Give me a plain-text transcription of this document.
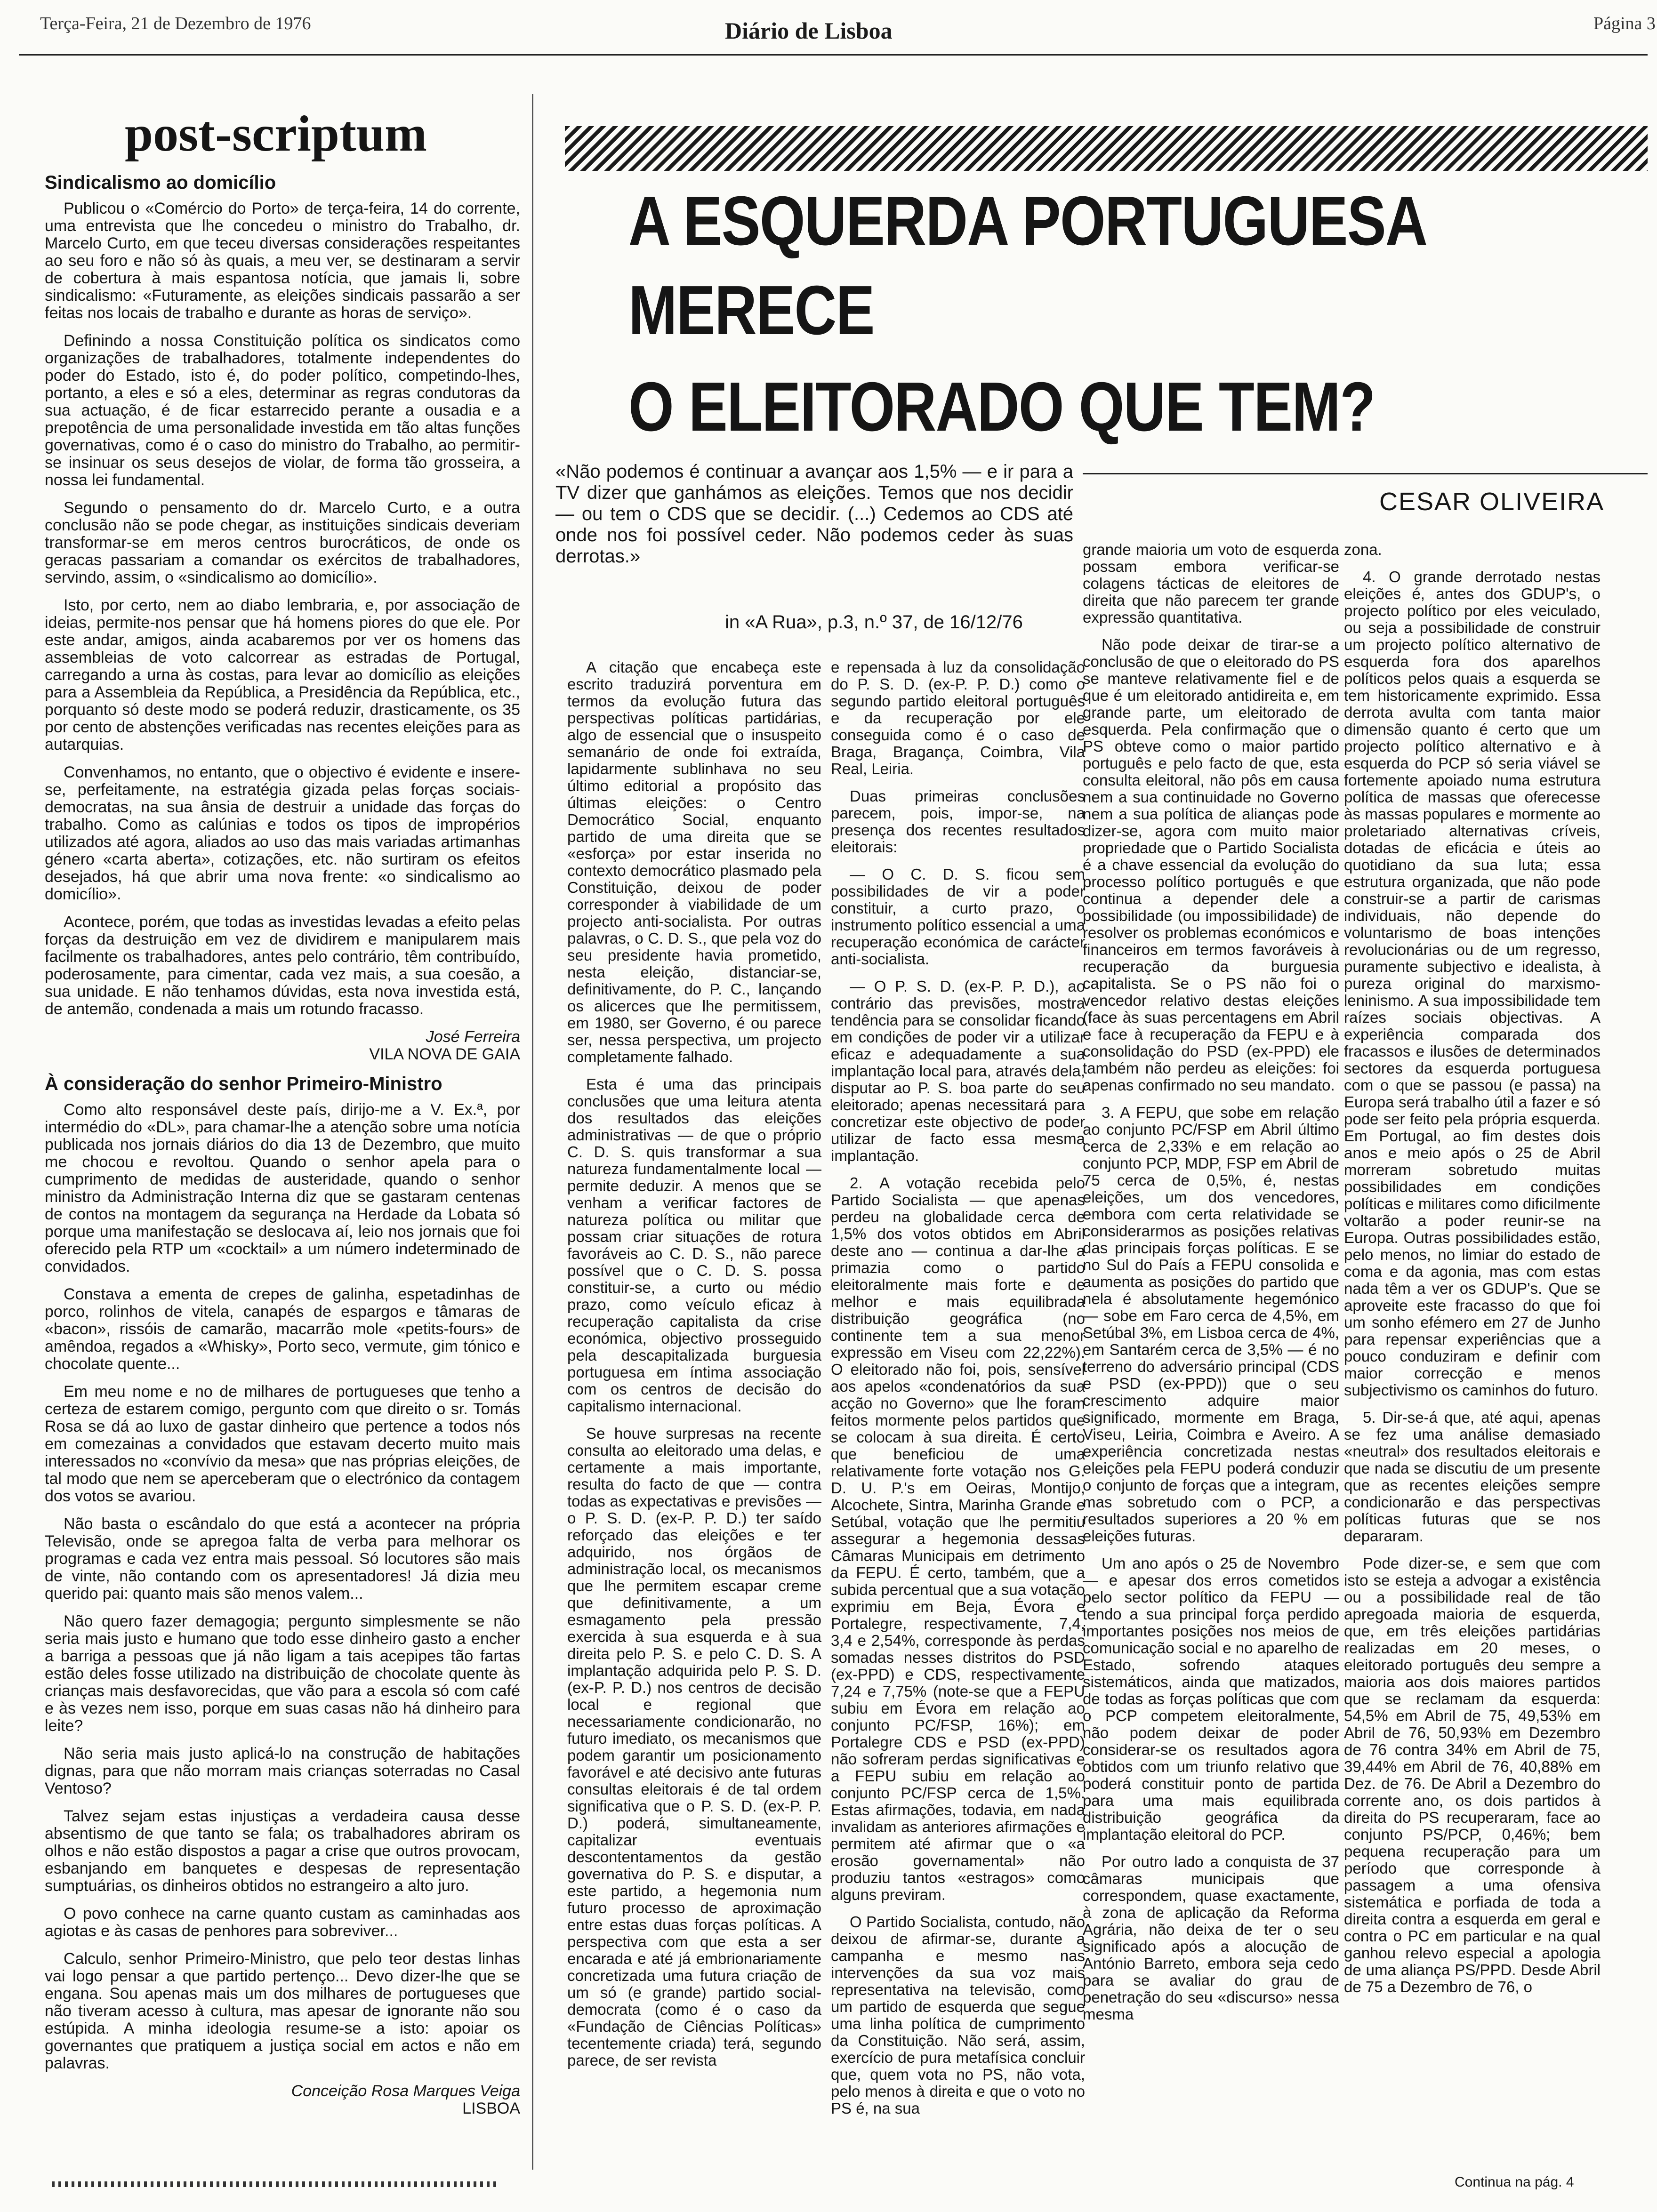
Terça-Feira, 21 de Dezembro de 1976	Diário de Lisboa	Página 3
post-scriptum
Sindicalismo ao domicílio

Publicou o «Comércio do Porto» de terça-feira, 14 do corrente, uma entrevista que lhe concedeu o ministro do Trabalho, dr. Marcelo Curto, em que teceu diversas considerações respeitantes ao seu foro e não só às quais, a meu ver, se destinaram a servir de cobertura à mais espantosa notícia, que jamais li, sobre sindicalismo: «Futuramente, as eleições sindicais passarão a ser feitas nos locais de trabalho e durante as horas de serviço».

Definindo a nossa Constituição política os sindicatos como organizações de trabalhadores, totalmente independentes do poder do Estado, isto é, do poder político, competindo-lhes, portanto, a eles e só a eles, determinar as regras condutoras da sua actuação, é de ficar estarrecido perante a ousadia e a prepotência de uma personalidade investida em tão altas funções governativas, como é o caso do ministro do Trabalho, ao permitir-se insinuar os seus desejos de violar, de forma tão grosseira, a nossa lei fundamental.

Segundo o pensamento do dr. Marcelo Curto, e a outra conclusão não se pode chegar, as instituições sindicais deveriam transformar-se em meros centros burocráticos, de onde os geracas passariam a comandar os exércitos de trabalhadores, servindo, assim, o «sindicalismo ao domicílio».

Isto, por certo, nem ao diabo lembraria, e, por associação de ideias, permite-nos pensar que há homens piores do que ele. Por este andar, amigos, ainda acabaremos por ver os homens das assembleias de voto calcorrear as estradas de Portugal, carregando a urna às costas, para levar ao domicílio as eleições para a Assembleia da República, a Presidência da República, etc., porquanto só deste modo se poderá reduzir, drasticamente, os 35 por cento de abstenções verificadas nas recentes eleições para as autarquias.

Convenhamos, no entanto, que o objectivo é evidente e insere-se, perfeitamente, na estratégia gizada pelas forças sociais-democratas, na sua ânsia de destruir a unidade das forças do trabalho. Como as calúnias e todos os tipos de impropérios utilizados até agora, aliados ao uso das mais variadas artimanhas género «carta aberta», cotizações, etc. não surtiram os efeitos desejados, há que abrir uma nova frente: «o sindicalismo ao domicílio».

Acontece, porém, que todas as investidas levadas a efeito pelas forças da destruição em vez de dividirem e manipularem mais facilmente os trabalhadores, antes pelo contrário, têm contribuído, poderosamente, para cimentar, cada vez mais, a sua coesão, a sua unidade. E não tenhamos dúvidas, esta nova investida está, de antemão, condenada a mais um rotundo fracasso.

José Ferreira

VILA NOVA DE GAIA

À consideração do senhor Primeiro-Ministro

Como alto responsável deste país, dirijo-me a V. Ex.ª, por intermédio do «DL», para chamar-lhe a atenção sobre uma notícia publicada nos jornais diários do dia 13 de Dezembro, que muito me chocou e revoltou. Quando o senhor apela para o cumprimento de medidas de austeridade, quando o senhor ministro da Administração Interna diz que se gastaram centenas de contos na montagem da segurança na Herdade da Lobata só porque uma manifestação se deslocava aí, leio nos jornais que foi oferecido pela RTP um «cocktail» a um número indeterminado de convidados.

Constava a ementa de crepes de galinha, espetadinhas de porco, rolinhos de vitela, canapés de espargos e tâmaras de «bacon», rissóis de camarão, macarrão mole «petits-fours» de amêndoa, regados a «Whisky», Porto seco, vermute, gim tónico e chocolate quente...

Em meu nome e no de milhares de portugueses que tenho a certeza de estarem comigo, pergunto com que direito o sr. Tomás Rosa se dá ao luxo de gastar dinheiro que pertence a todos nós em comezainas a convidados que estavam decerto muito mais interessados no «convívio da mesa» que nas próprias eleições, de tal modo que nem se aperceberam que o electrónico da contagem dos votos se avariou.

Não basta o escândalo do que está a acontecer na própria Televisão, onde se apregoa falta de verba para melhorar os programas e cada vez entra mais pessoal. Só locutores são mais de vinte, não contando com os apresentadores! Já dizia meu querido pai: quanto mais são menos valem...

Não quero fazer demagogia; pergunto simplesmente se não seria mais justo e humano que todo esse dinheiro gasto a encher a barriga a pessoas que já não ligam a tais acepipes tão fartas estão deles fosse utilizado na distribuição de chocolate quente às crianças mais desfavorecidas, que vão para a escola só com café e às vezes nem isso, porque em suas casas não há dinheiro para leite?

Não seria mais justo aplicá-lo na construção de habitações dignas, para que não morram mais crianças soterradas no Casal Ventoso?

Talvez sejam estas injustiças a verdadeira causa desse absentismo de que tanto se fala; os trabalhadores abriram os olhos e não estão dispostos a pagar a crise que outros provocam, esbanjando em banquetes e despesas de representação sumptuárias, os dinheiros obtidos no estrangeiro a alto juro.

O povo conhece na carne quanto custam as caminhadas aos agiotas e às casas de penhores para sobreviver...

Calculo, senhor Primeiro-Ministro, que pelo teor destas linhas vai logo pensar a que partido pertenço... Devo dizer-lhe que se engana. Sou apenas mais um dos milhares de portugueses que não tiveram acesso à cultura, mas apesar de ignorante não sou estúpida. A minha ideologia resume-se a isto: apoiar os governantes que pratiquem a justiça social em actos e não em palavras.

Conceição Rosa Marques Veiga

LISBOA

A ESQUERDA PORTUGUESA
MERECE
O ELEITORADO QUE TEM?

«Não podemos é continuar a avançar aos 1,5% — e ir para a TV dizer que ganhámos as eleições. Temos que nos decidir — ou tem o CDS que se decidir. (...) Cedemos ao CDS até onde nos foi possível ceder. Não podemos ceder às suas derrotas.»

in «A Rua», p.3, n.º 37, de 16/12/76
CESAR OLIVEIRA

A citação que encabeça este escrito traduzirá porventura em termos da evolução futura das perspectivas políticas partidárias, algo de essencial que o insuspeito semanário de onde foi extraída, lapidarmente sublinhava no seu último editorial a propósito das últimas eleições: o Centro Democrático Social, enquanto partido de uma direita que se «esforça» por estar inserida no contexto democrático plasmado pela Constituição, deixou de poder corresponder à viabilidade de um projecto anti-socialista. Por outras palavras, o C. D. S., que pela voz do seu presidente havia prometido, nesta eleição, distanciar-se, definitivamente, do P. C., lançando os alicerces que lhe permitissem, em 1980, ser Governo, é ou parece ser, nessa perspectiva, um projecto completamente falhado.

Esta é uma das principais conclusões que uma leitura atenta dos resultados das eleições administrativas — de que o próprio C. D. S. quis transformar a sua natureza fundamentalmente local — permite deduzir. A menos que se venham a verificar factores de natureza política ou militar que possam criar situações de rotura favoráveis ao C. D. S., não parece possível que o C. D. S. possa constituir-se, a curto ou médio prazo, como veículo eficaz à recuperação capitalista da crise económica, objectivo prosseguido pela descapitalizada burguesia portuguesa em íntima associação com os centros de decisão do capitalismo internacional.

Se houve surpresas na recente consulta ao eleitorado uma delas, e certamente a mais importante, resulta do facto de que — contra todas as expectativas e previsões — o P. S. D. (ex-P. P. D.) ter saído reforçado das eleições e ter adquirido, nos órgãos de administração local, os mecanismos que lhe permitem escapar creme que definitivamente, a um esmagamento pela pressão exercida à sua esquerda e à sua direita pelo P. S. e pelo C. D. S. A implantação adquirida pelo P. S. D. (ex-P. P. D.) nos centros de decisão local e regional que necessariamente condicionarão, no futuro imediato, os mecanismos que podem garantir um posicionamento favorável e até decisivo ante futuras consultas eleitorais é de tal ordem significativa que o P. S. D. (ex-P. P. D.) poderá, simultaneamente, capitalizar eventuais descontentamentos da gestão governativa do P. S. e disputar, a este partido, a hegemonia num futuro processo de aproximação entre estas duas forças políticas. A perspectiva com que esta a ser encarada e até já embrionariamente concretizada uma futura criação de um só (e grande) partido social-democrata (como é o caso da «Fundação de Ciências Políticas» tecentemente criada) terá, segundo parece, de ser revista

e repensada à luz da consolidação do P. S. D. (ex-P. P. D.) como o segundo partido eleitoral português e da recuperação por ele conseguida como é o caso de Braga, Bragança, Coimbra, Vila Real, Leiria.

Duas primeiras conclusões parecem, pois, impor-se, na presença dos recentes resultados eleitorais:

— O C. D. S. ficou sem possibilidades de vir a poder constituir, a curto prazo, o instrumento político essencial a uma recuperação económica de carácter anti-socialista.

— O P. S. D. (ex-P. P. D.), ao contrário das previsões, mostra tendência para se consolidar ficando em condições de poder vir a utilizar eficaz e adequadamente a sua implantação local para, através dela, disputar ao P. S. boa parte do seu eleitorado; apenas necessitará para concretizar este objectivo de poder utilizar de facto essa mesma implantação.

2. A votação recebida pelo Partido Socialista — que apenas perdeu na globalidade cerca de 1,5% dos votos obtidos em Abril deste ano — continua a dar-lhe a primazia como o partido eleitoralmente mais forte e de melhor e mais equilibrada distribuição geográfica (no continente tem a sua menor expressão em Viseu com 22,22%). O eleitorado não foi, pois, sensível aos apelos «condenatórios da sua acção no Governo» que lhe foram feitos mormente pelos partidos que se colocam à sua direita. É certo que beneficiou de uma relativamente forte votação nos G. D. U. P.'s em Oeiras, Montijo, Alcochete, Sintra, Marinha Grande e Setúbal, votação que lhe permitiu assegurar a hegemonia dessas Câmaras Municipais em detrimento da FEPU. É certo, também, que a subida percentual que a sua votação exprimiu em Beja, Évora e Portalegre, respectivamente, 7,4, 3,4 e 2,54%, corresponde às perdas somadas nesses distritos do PSD (ex-PPD) e CDS, respectivamente 7,24 e 7,75% (note-se que a FEPU subiu em Évora em relação ao conjunto PC/FSP, 16%); em Portalegre CDS e PSD (ex-PPD) não sofreram perdas significativas e a FEPU subiu em relação ao conjunto PC/FSP cerca de 1,5%. Estas afirmações, todavia, em nada invalidam as anteriores afirmações e permitem até afirmar que o «a erosão governamental» não produziu tantos «estragos» como alguns previram.

O Partido Socialista, contudo, não deixou de afirmar-se, durante a campanha e mesmo nas intervenções da sua voz mais representativa na televisão, como um partido de esquerda que segue uma linha política de cumprimento da Constituição. Não será, assim, exercício de pura metafísica concluir que, quem vota no PS, não vota, pelo menos à direita e que o voto no PS é, na sua

grande maioria um voto de esquerda possam embora verificar-se colagens tácticas de eleitores de direita que não parecem ter grande expressão quantitativa.

Não pode deixar de tirar-se a conclusão de que o eleitorado do PS se manteve relativamente fiel e de que é um eleitorado antidireita e, em grande parte, um eleitorado de esquerda. Pela confirmação que o PS obteve como o maior partido português e pelo facto de que, esta consulta eleitoral, não pôs em causa nem a sua continuidade no Governo nem a sua política de alianças pode dizer-se, agora com muito maior propriedade que o Partido Socialista é a chave essencial da evolução do processo político português e que continua a depender dele a possibilidade (ou impossibilidade) de resolver os problemas económicos e financeiros em termos favoráveis à recuperação da burguesia capitalista. Se o PS não foi o vencedor relativo destas eleições (face às suas percentagens em Abril e face à recuperação da FEPU e à consolidação do PSD (ex-PPD) ele também não perdeu as eleições: foi apenas confirmado no seu mandato.

3. A FEPU, que sobe em relação ao conjunto PC/FSP em Abril último cerca de 2,33% e em relação ao conjunto PCP, MDP, FSP em Abril de 75 cerca de 0,5%, é, nestas eleições, um dos vencedores, embora com certa relatividade se considerarmos as posições relativas das principais forças políticas. E se no Sul do País a FEPU consolida e aumenta as posições do partido que nela é absolutamente hegemónico — sobe em Faro cerca de 4,5%, em Setúbal 3%, em Lisboa cerca de 4%, em Santarém cerca de 3,5% — é no terreno do adversário principal (CDS e PSD (ex-PPD)) que o seu crescimento adquire maior significado, mormente em Braga, Viseu, Leiria, Coimbra e Aveiro. A experiência concretizada nestas eleições pela FEPU poderá conduzir o conjunto de forças que a integram, mas sobretudo com o PCP, a resultados superiores a 20 % em eleições futuras.

Um ano após o 25 de Novembro — e apesar dos erros cometidos pelo sector político da FEPU — tendo a sua principal força perdido importantes posições nos meios de comunicação social e no aparelho de Estado, sofrendo ataques sistemáticos, ainda que matizados, de todas as forças políticas que com o PCP competem eleitoralmente, não podem deixar de poder considerar-se os resultados agora obtidos com um triunfo relativo que poderá constituir ponto de partida para uma mais equilibrada distribuição geográfica da implantação eleitoral do PCP.

Por outro lado a conquista de 37 câmaras municipais que correspondem, quase exactamente, à zona de aplicação da Reforma Agrária, não deixa de ter o seu significado após a alocução de António Barreto, embora seja cedo para se avaliar do grau de penetração do seu «discurso» nessa mesma

zona.

4. O grande derrotado nestas eleições é, antes dos GDUP's, o projecto político por eles veiculado, ou seja a possibilidade de construir um projecto político alternativo de esquerda fora dos aparelhos políticos pelos quais a esquerda se tem historicamente exprimido. Essa derrota avulta com tanta maior dimensão quanto é certo que um projecto político alternativo e à esquerda do PCP só seria viável se fortemente apoiado numa estrutura política de massas que oferecesse às massas populares e mormente ao proletariado alternativas críveis, dotadas de eficácia e úteis ao quotidiano da sua luta; essa estrutura organizada, que não pode construir-se a partir de carismas individuais, não depende do voluntarismo de boas intenções revolucionárias ou de um regresso, puramente subjectivo e idealista, à pureza original do marxismo-leninismo. A sua impossibilidade tem raízes sociais objectivas. A experiência comparada dos fracassos e ilusões de determinados sectores da esquerda portuguesa com o que se passou (e passa) na Europa será trabalho útil a fazer e só pode ser feito pela própria esquerda. Em Portugal, ao fim destes dois anos e meio após o 25 de Abril morreram sobretudo muitas possibilidades em condições políticas e militares como dificilmente voltarão a poder reunir-se na Europa. Outras possibilidades estão, pelo menos, no limiar do estado de coma e da agonia, mas com estas nada têm a ver os GDUP's. Que se aproveite este fracasso do que foi um sonho efémero em 27 de Junho para repensar experiências que a pouco conduziram e definir com maior correcção e menos subjectivismo os caminhos do futuro.

5. Dir-se-á que, até aqui, apenas se fez uma análise demasiado «neutral» dos resultados eleitorais e que nada se discutiu de um presente que as recentes eleições sempre condicionarão e das perspectivas políticas futuras que se nos depararam.

Pode dizer-se, e sem que com isto se esteja a advogar a existência ou a possibilidade real de tão apregoada maioria de esquerda, que, em três eleições partidárias realizadas em 20 meses, o eleitorado português deu sempre a maioria aos dois maiores partidos que se reclamam da esquerda: 54,5% em Abril de 75, 49,53% em Abril de 76, 50,93% em Dezembro de 76 contra 34% em Abril de 75, 39,44% em Abril de 76, 40,88% em Dez. de 76. De Abril a Dezembro do corrente ano, os dois partidos à direita do PS recuperaram, face ao conjunto PS/PCP, 0,46%; bem pequena recuperação para um período que corresponde à passagem a uma ofensiva sistemática e porfiada de toda a direita contra a esquerda em geral e contra o PC em particular e na qual ganhou relevo especial a apologia de uma aliança PS/PPD. Desde Abril de 75 a Dezembro de 76, o

Continua na pág. 4
